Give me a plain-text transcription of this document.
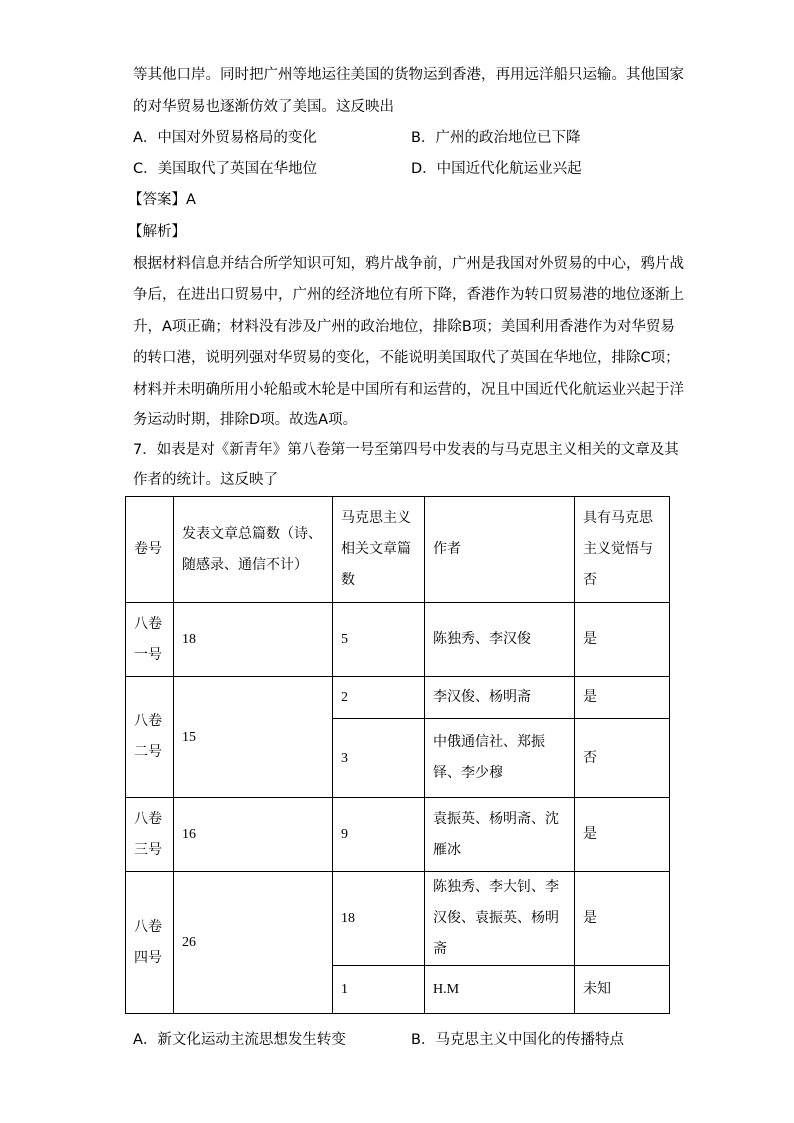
等其他口岸。同时把广州等地运往美国的货物运到香港，再用远洋船只运输。其他国家
的对华贸易也逐渐仿效了美国。这反映出
A．中国对外贸易格局的变化	B．广州的政治地位已下降
C．美国取代了英国在华地位	D．中国近代化航运业兴起
【答案】A
【解析】
根据材料信息并结合所学知识可知，鸦片战争前，广州是我国对外贸易的中心，鸦片战
争后，在进出口贸易中，广州的经济地位有所下降，香港作为转口贸易港的地位逐渐上
升，A项正确；材料没有涉及广州的政治地位，排除B项；美国利用香港作为对华贸易
的转口港，说明列强对华贸易的变化，不能说明美国取代了英国在华地位，排除C项；
材料并未明确所用小轮船或木轮是中国所有和运营的，况且中国近代化航运业兴起于洋
务运动时期，排除D项。故选A项。
7．如表是对《新青年》第八卷第一号至第四号中发表的与马克思主义相关的文章及其
作者的统计。这反映了
卷号	发表文章总篇数（诗、随感录、通信不计）	马克思主义相关文章篇数	作者	具有马克思主义觉悟与否
八卷一号	18	5	陈独秀、李汉俊	是
八卷二号	15	2	李汉俊、杨明斋	是
		3	中俄通信社、郑振铎、李少穆	否
八卷三号	16	9	袁振英、杨明斋、沈雁冰	是
八卷四号	26	18	陈独秀、李大钊、李汉俊、袁振英、杨明斋	是
		1	H.M	未知
A．新文化运动主流思想发生转变	B．马克思主义中国化的传播特点
